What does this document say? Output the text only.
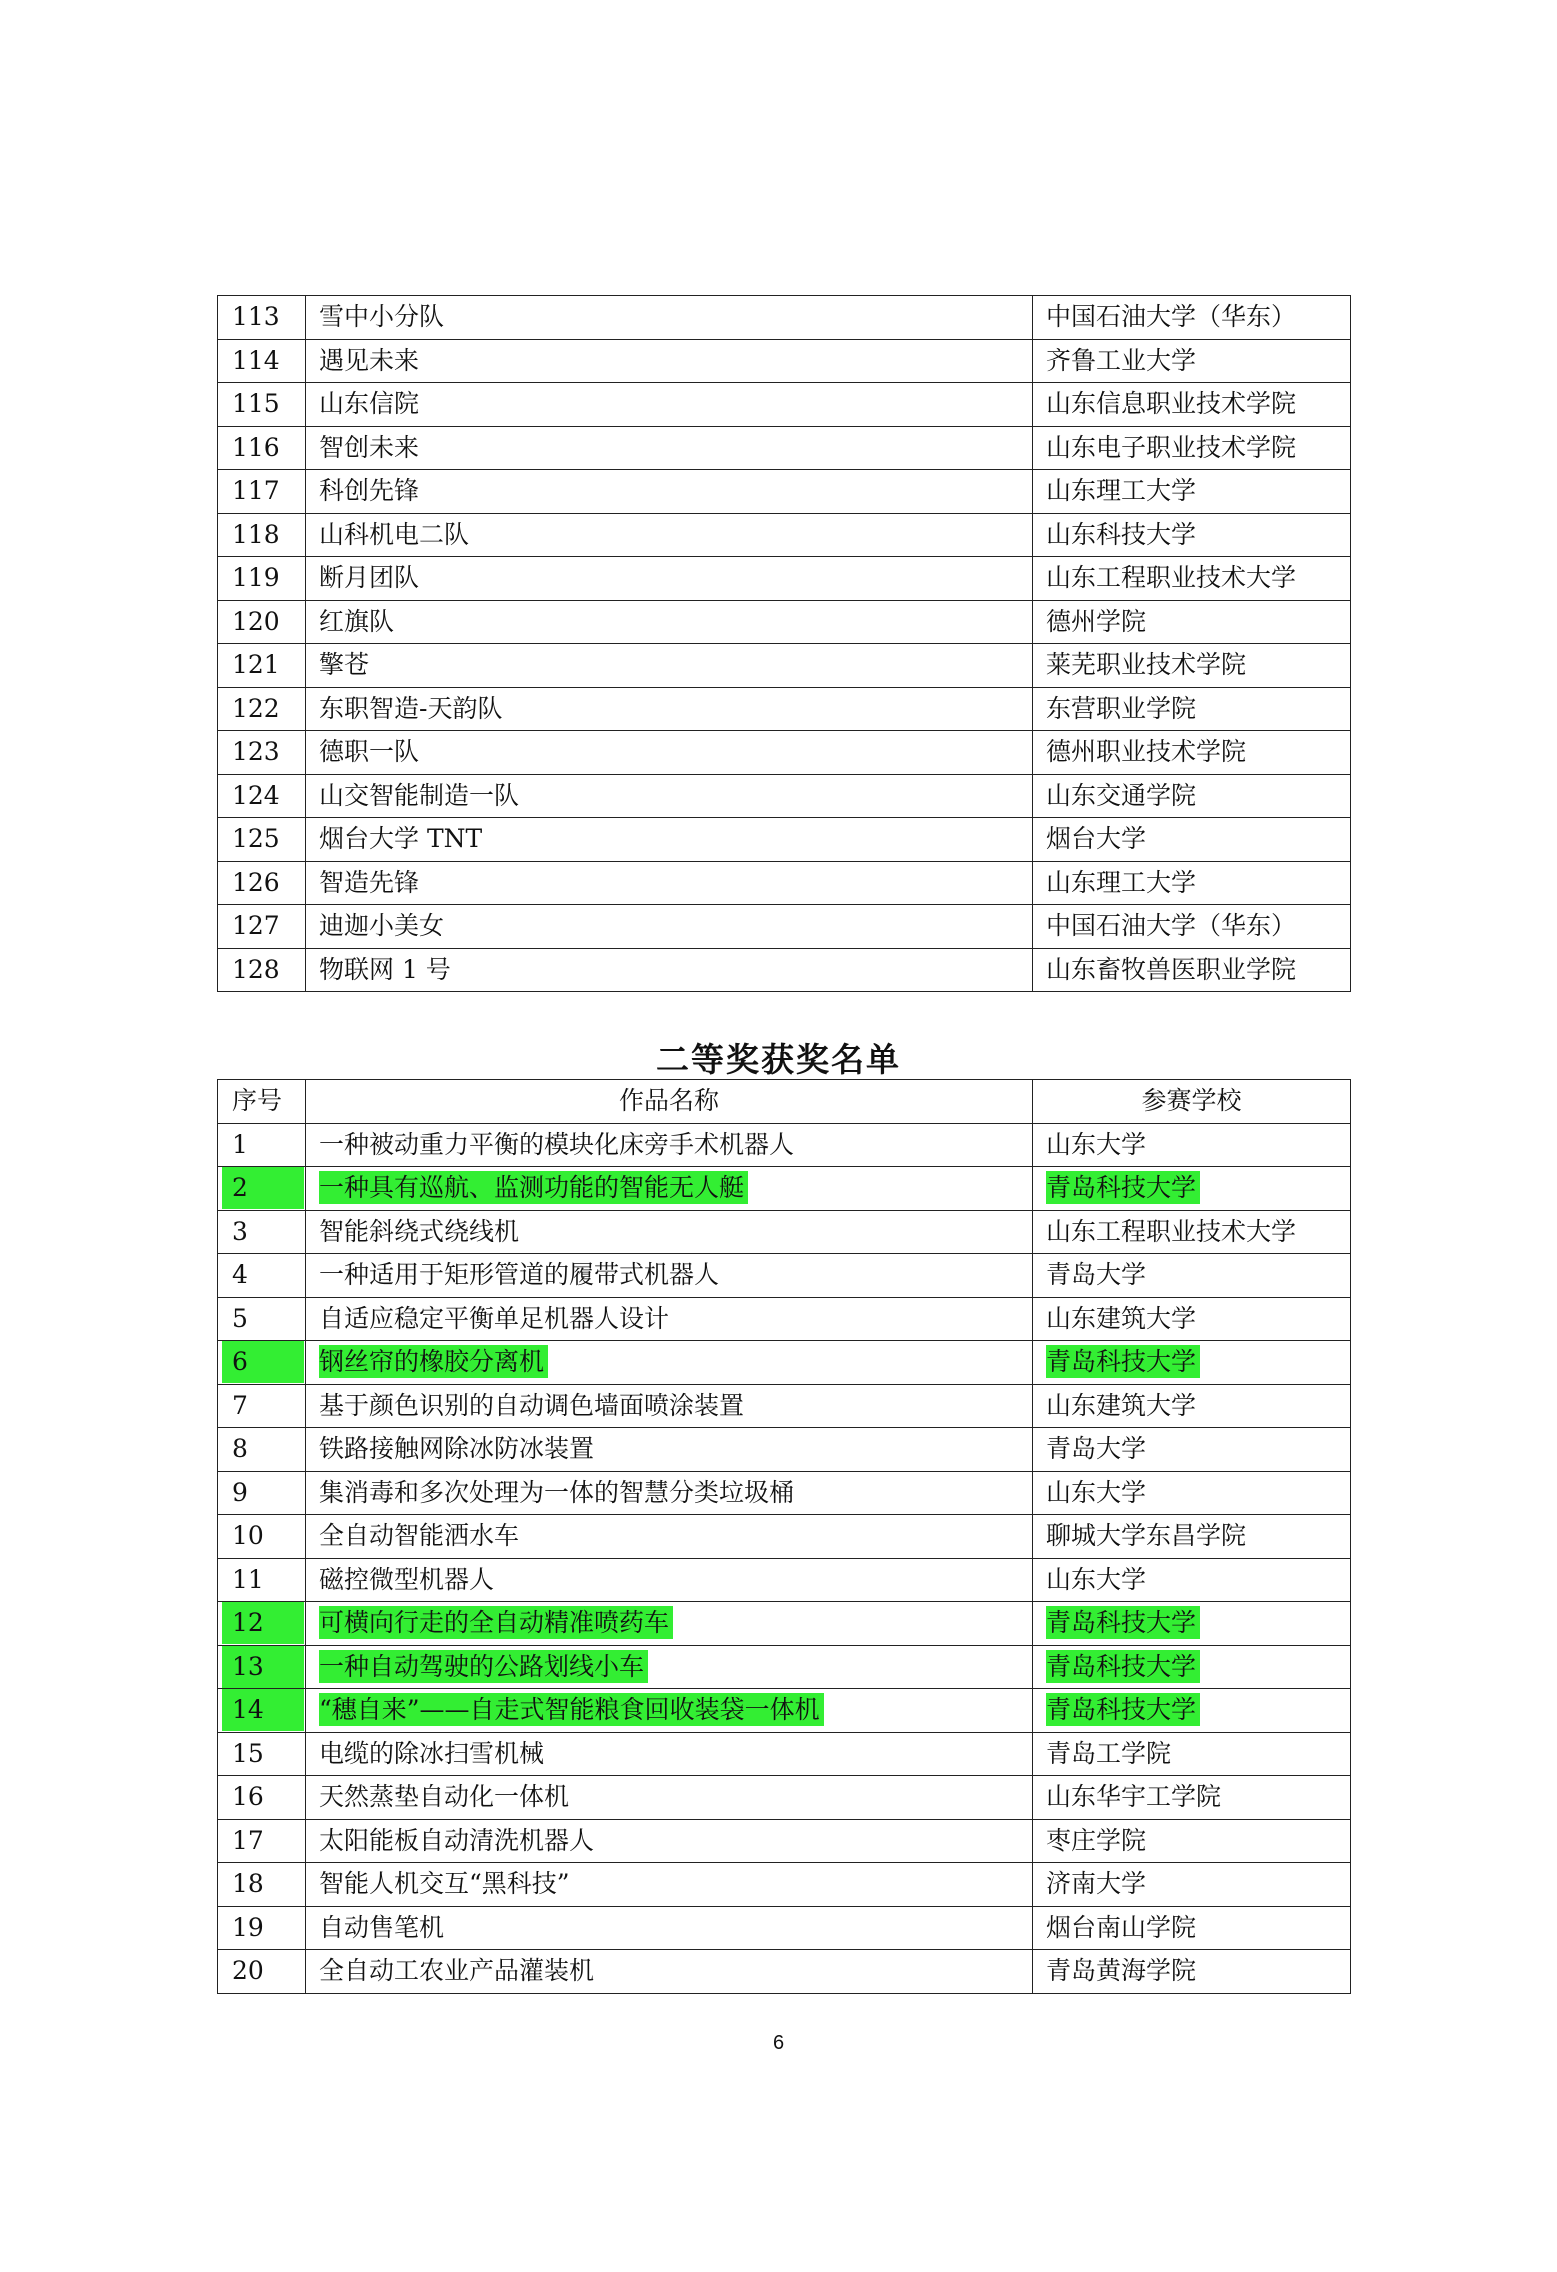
113	雪中小分队	中国石油大学（华东）
114	遇见未来	齐鲁工业大学
115	山东信院	山东信息职业技术学院
116	智创未来	山东电子职业技术学院
117	科创先锋	山东理工大学
118	山科机电二队	山东科技大学
119	断月团队	山东工程职业技术大学
120	红旗队	德州学院
121	擎苍	莱芜职业技术学院
122	东职智造-天韵队	东营职业学院
123	德职一队	德州职业技术学院
124	山交智能制造一队	山东交通学院
125	烟台大学 TNT	烟台大学
126	智造先锋	山东理工大学
127	迪迦小美女	中国石油大学（华东）
128	物联网 1 号	山东畜牧兽医职业学院
二等奖获奖名单
序号	作品名称	参赛学校
1	一种被动重力平衡的模块化床旁手术机器人	山东大学
2	一种具有巡航、监测功能的智能无人艇	青岛科技大学
3	智能斜绕式绕线机	山东工程职业技术大学
4	一种适用于矩形管道的履带式机器人	青岛大学
5	自适应稳定平衡单足机器人设计	山东建筑大学
6	钢丝帘的橡胶分离机	青岛科技大学
7	基于颜色识别的自动调色墙面喷涂装置	山东建筑大学
8	铁路接触网除冰防冰装置	青岛大学
9	集消毒和多次处理为一体的智慧分类垃圾桶	山东大学
10	全自动智能洒水车	聊城大学东昌学院
11	磁控微型机器人	山东大学
12	可横向行走的全自动精准喷药车	青岛科技大学
13	一种自动驾驶的公路划线小车	青岛科技大学
14	“穗自来”——自走式智能粮食回收装袋一体机	青岛科技大学
15	电缆的除冰扫雪机械	青岛工学院
16	天然蒸垫自动化一体机	山东华宇工学院
17	太阳能板自动清洗机器人	枣庄学院
18	智能人机交互“黑科技”	济南大学
19	自动售笔机	烟台南山学院
20	全自动工农业产品灌装机	青岛黄海学院
6
